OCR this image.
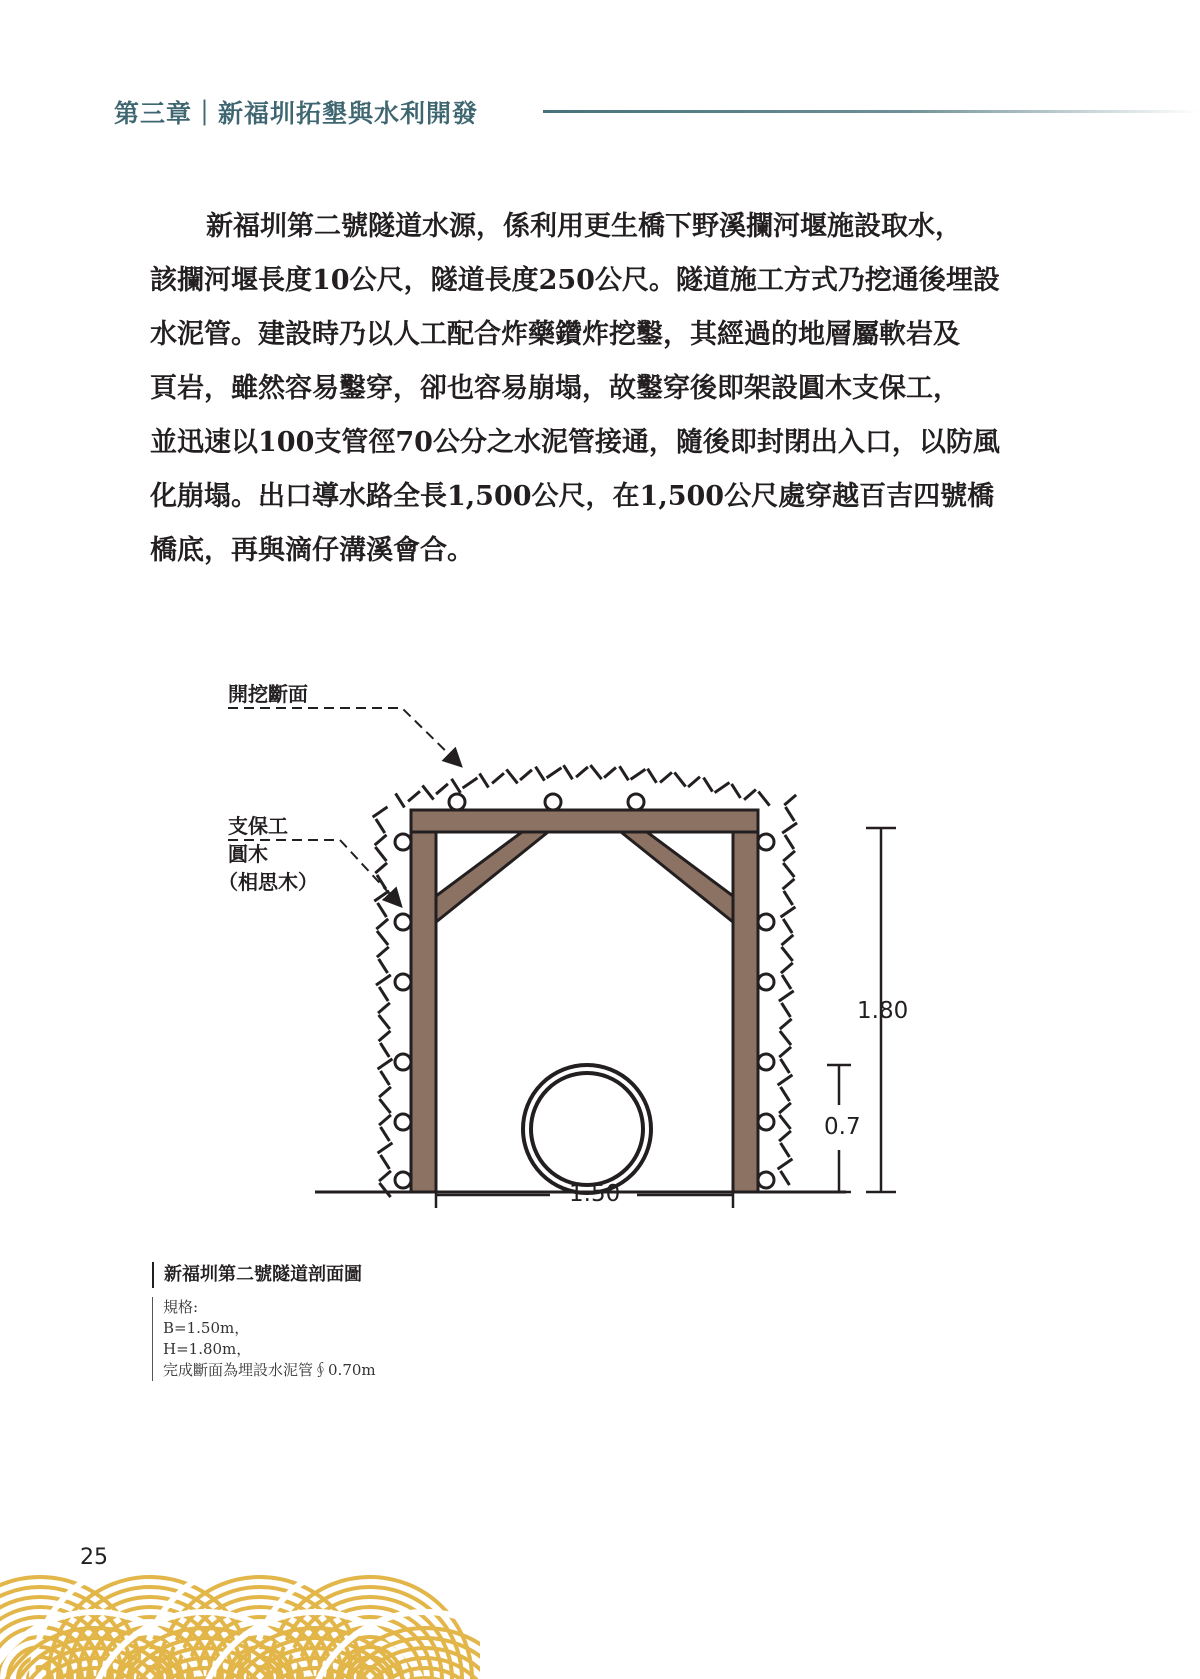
第三章｜新福圳拓墾與水利開發

新福圳第二號隧道水源，係利用更生橋下野溪攔河堰施設取水，

該攔河堰長度10公尺，隧道長度250公尺。隧道施工方式乃挖通後埋設

水泥管。建設時乃以人工配合炸藥鑽炸挖鑿，其經過的地層屬軟岩及

頁岩，雖然容易鑿穿，卻也容易崩塌，故鑿穿後即架設圓木支保工，

並迅速以100支管徑70公分之水泥管接通，隨後即封閉出入口，以防風

化崩塌。出口導水路全長1,500公尺，在1,500公尺處穿越百吉四號橋

橋底，再與滴仔溝溪會合。

開挖斷面
支保工
圓木
（相思木）
1.80
0.7
1.50
新福圳第二號隧道剖面圖
規格:
B=1.50m，
H=1.80m，
完成斷面為埋設水泥管∮0.70m
25
